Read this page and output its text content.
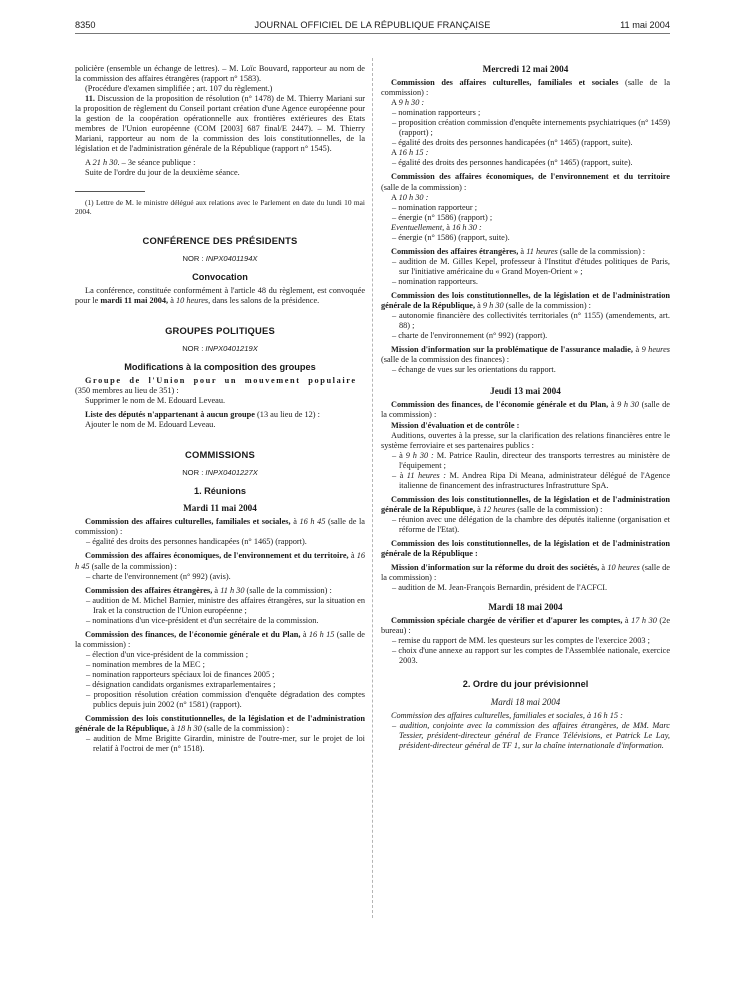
8350	JOURNAL OFFICIEL DE LA RÉPUBLIQUE FRANÇAISE	11 mai 2004

policière (ensemble un échange de lettres). – M. Loïc Bouvard, rapporteur au nom de la commission des affaires étrangères (rapport n° 1583).

(Procédure d'examen simplifiée ; art. 107 du règlement.)

11. Discussion de la proposition de résolution (n° 1478) de M. Thierry Mariani sur la proposition de règlement du Conseil portant création d'une Agence européenne pour la gestion de la coopération opérationnelle aux frontières extérieures des Etats membres de l'Union européenne (COM [2003] 687 final/E 2447). – M. Thierry Mariani, rapporteur au nom de la commission des lois constitutionnelles, de la législation et de l'administration générale de la République (rapport n° 1545).

A 21 h 30. – 3e séance publique :

Suite de l'ordre du jour de la deuxième séance.

(1) Lettre de M. le ministre délégué aux relations avec le Parlement en date du lundi 10 mai 2004.

CONFÉRENCE DES PRÉSIDENTS
NOR : INPX0401194X
Convocation

La conférence, constituée conformément à l'article 48 du règlement, est convoquée pour le mardi 11 mai 2004, à 10 heures, dans les salons de la présidence.

GROUPES POLITIQUES
NOR : INPX0401219X
Modifications à la composition des groupes

Groupe de l'Union pour un mouvement populaire

(350 membres au lieu de 351) :

Supprimer le nom de M. Edouard Leveau.

Liste des députés n'appartenant à aucun groupe (13 au lieu de 12) :

Ajouter le nom de M. Edouard Leveau.

COMMISSIONS
NOR : INPX0401227X
1. Réunions
Mardi 11 mai 2004

Commission des affaires culturelles, familiales et sociales, à 16 h 45 (salle de la commission) :

– égalité des droits des personnes handicapées (n° 1465) (rapport).

Commission des affaires économiques, de l'environnement et du territoire, à 16 h 45 (salle de la commission) :

– charte de l'environnement (n° 992) (avis).

Commission des affaires étrangères, à 11 h 30 (salle de la commission) :

– audition de M. Michel Barnier, ministre des affaires étrangères, sur la situation en Irak et la construction de l'Union européenne ;

– nominations d'un vice-président et d'un secrétaire de la commission.

Commission des finances, de l'économie générale et du Plan, à 16 h 15 (salle de la commission) :

– élection d'un vice-président de la commission ;

– nomination membres de la MEC ;

– nomination rapporteurs spéciaux loi de finances 2005 ;

– désignation candidats organismes extraparlementaires ;

– proposition résolution création commission d'enquête dégradation des comptes publics depuis juin 2002 (n° 1581) (rapport).

Commission des lois constitutionnelles, de la législation et de l'administration générale de la République, à 18 h 30 (salle de la commission) :

– audition de Mme Brigitte Girardin, ministre de l'outre-mer, sur le projet de loi relatif à l'octroi de mer (n° 1518).

Mercredi 12 mai 2004

Commission des affaires culturelles, familiales et sociales (salle de la commission) :

A 9 h 30 :

– nomination rapporteurs ;

– proposition création commission d'enquête internements psychiatriques (n° 1459) (rapport) ;

– égalité des droits des personnes handicapées (n° 1465) (rapport, suite).

A 16 h 15 :

– égalité des droits des personnes handicapées (n° 1465) (rapport, suite).

Commission des affaires économiques, de l'environnement et du territoire (salle de la commission) :

A 10 h 30 :

– nomination rapporteur ;

– énergie (n° 1586) (rapport) ;

Eventuellement, à 16 h 30 :

– énergie (n° 1586) (rapport, suite).

Commission des affaires étrangères, à 11 heures (salle de la commission) :

– audition de M. Gilles Kepel, professeur à l'Institut d'études politiques de Paris, sur l'initiative américaine du « Grand Moyen-Orient » ;

– nomination rapporteurs.

Commission des lois constitutionnelles, de la législation et de l'administration générale de la République, à 9 h 30 (salle de la commission) :

– autonomie financière des collectivités territoriales (n° 1155) (amendements, art. 88) ;

– charte de l'environnement (n° 992) (rapport).

Mission d'information sur la problématique de l'assurance maladie, à 9 heures (salle de la commission des finances) :

– échange de vues sur les orientations du rapport.

Jeudi 13 mai 2004

Commission des finances, de l'économie générale et du Plan, à 9 h 30 (salle de la commission) :

Mission d'évaluation et de contrôle :

Auditions, ouvertes à la presse, sur la clarification des relations financières entre le système ferroviaire et ses partenaires publics :

– à 9 h 30 : M. Patrice Raulin, directeur des transports terrestres au ministère de l'équipement ;

– à 11 heures : M. Andrea Ripa Di Meana, administrateur délégué de l'Agence italienne de financement des infrastructures Infrastrutture SpA.

Commission des lois constitutionnelles, de la législation et de l'administration générale de la République, à 12 heures (salle de la commission) :

– réunion avec une délégation de la chambre des députés italienne (organisation et réforme de l'Etat).

Commission des lois constitutionnelles, de la législation et de l'administration générale de la République :

Mission d'information sur la réforme du droit des sociétés, à 10 heures (salle de la commission) :

– audition de M. Jean-François Bernardin, président de l'ACFCI.

Mardi 18 mai 2004

Commission spéciale chargée de vérifier et d'apurer les comptes, à 17 h 30 (2e bureau) :

– remise du rapport de MM. les questeurs sur les comptes de l'exercice 2003 ;

– choix d'une annexe au rapport sur les comptes de l'Assemblée nationale, exercice 2003.

2. Ordre du jour prévisionnel
Mardi 18 mai 2004

Commission des affaires culturelles, familiales et sociales, à 16 h 15 :

– audition, conjointe avec la commission des affaires étrangères, de MM. Marc Tessier, président-directeur général de France Télévisions, et Patrick Le Lay, président-directeur général de TF 1, sur la chaîne internationale d'information.
